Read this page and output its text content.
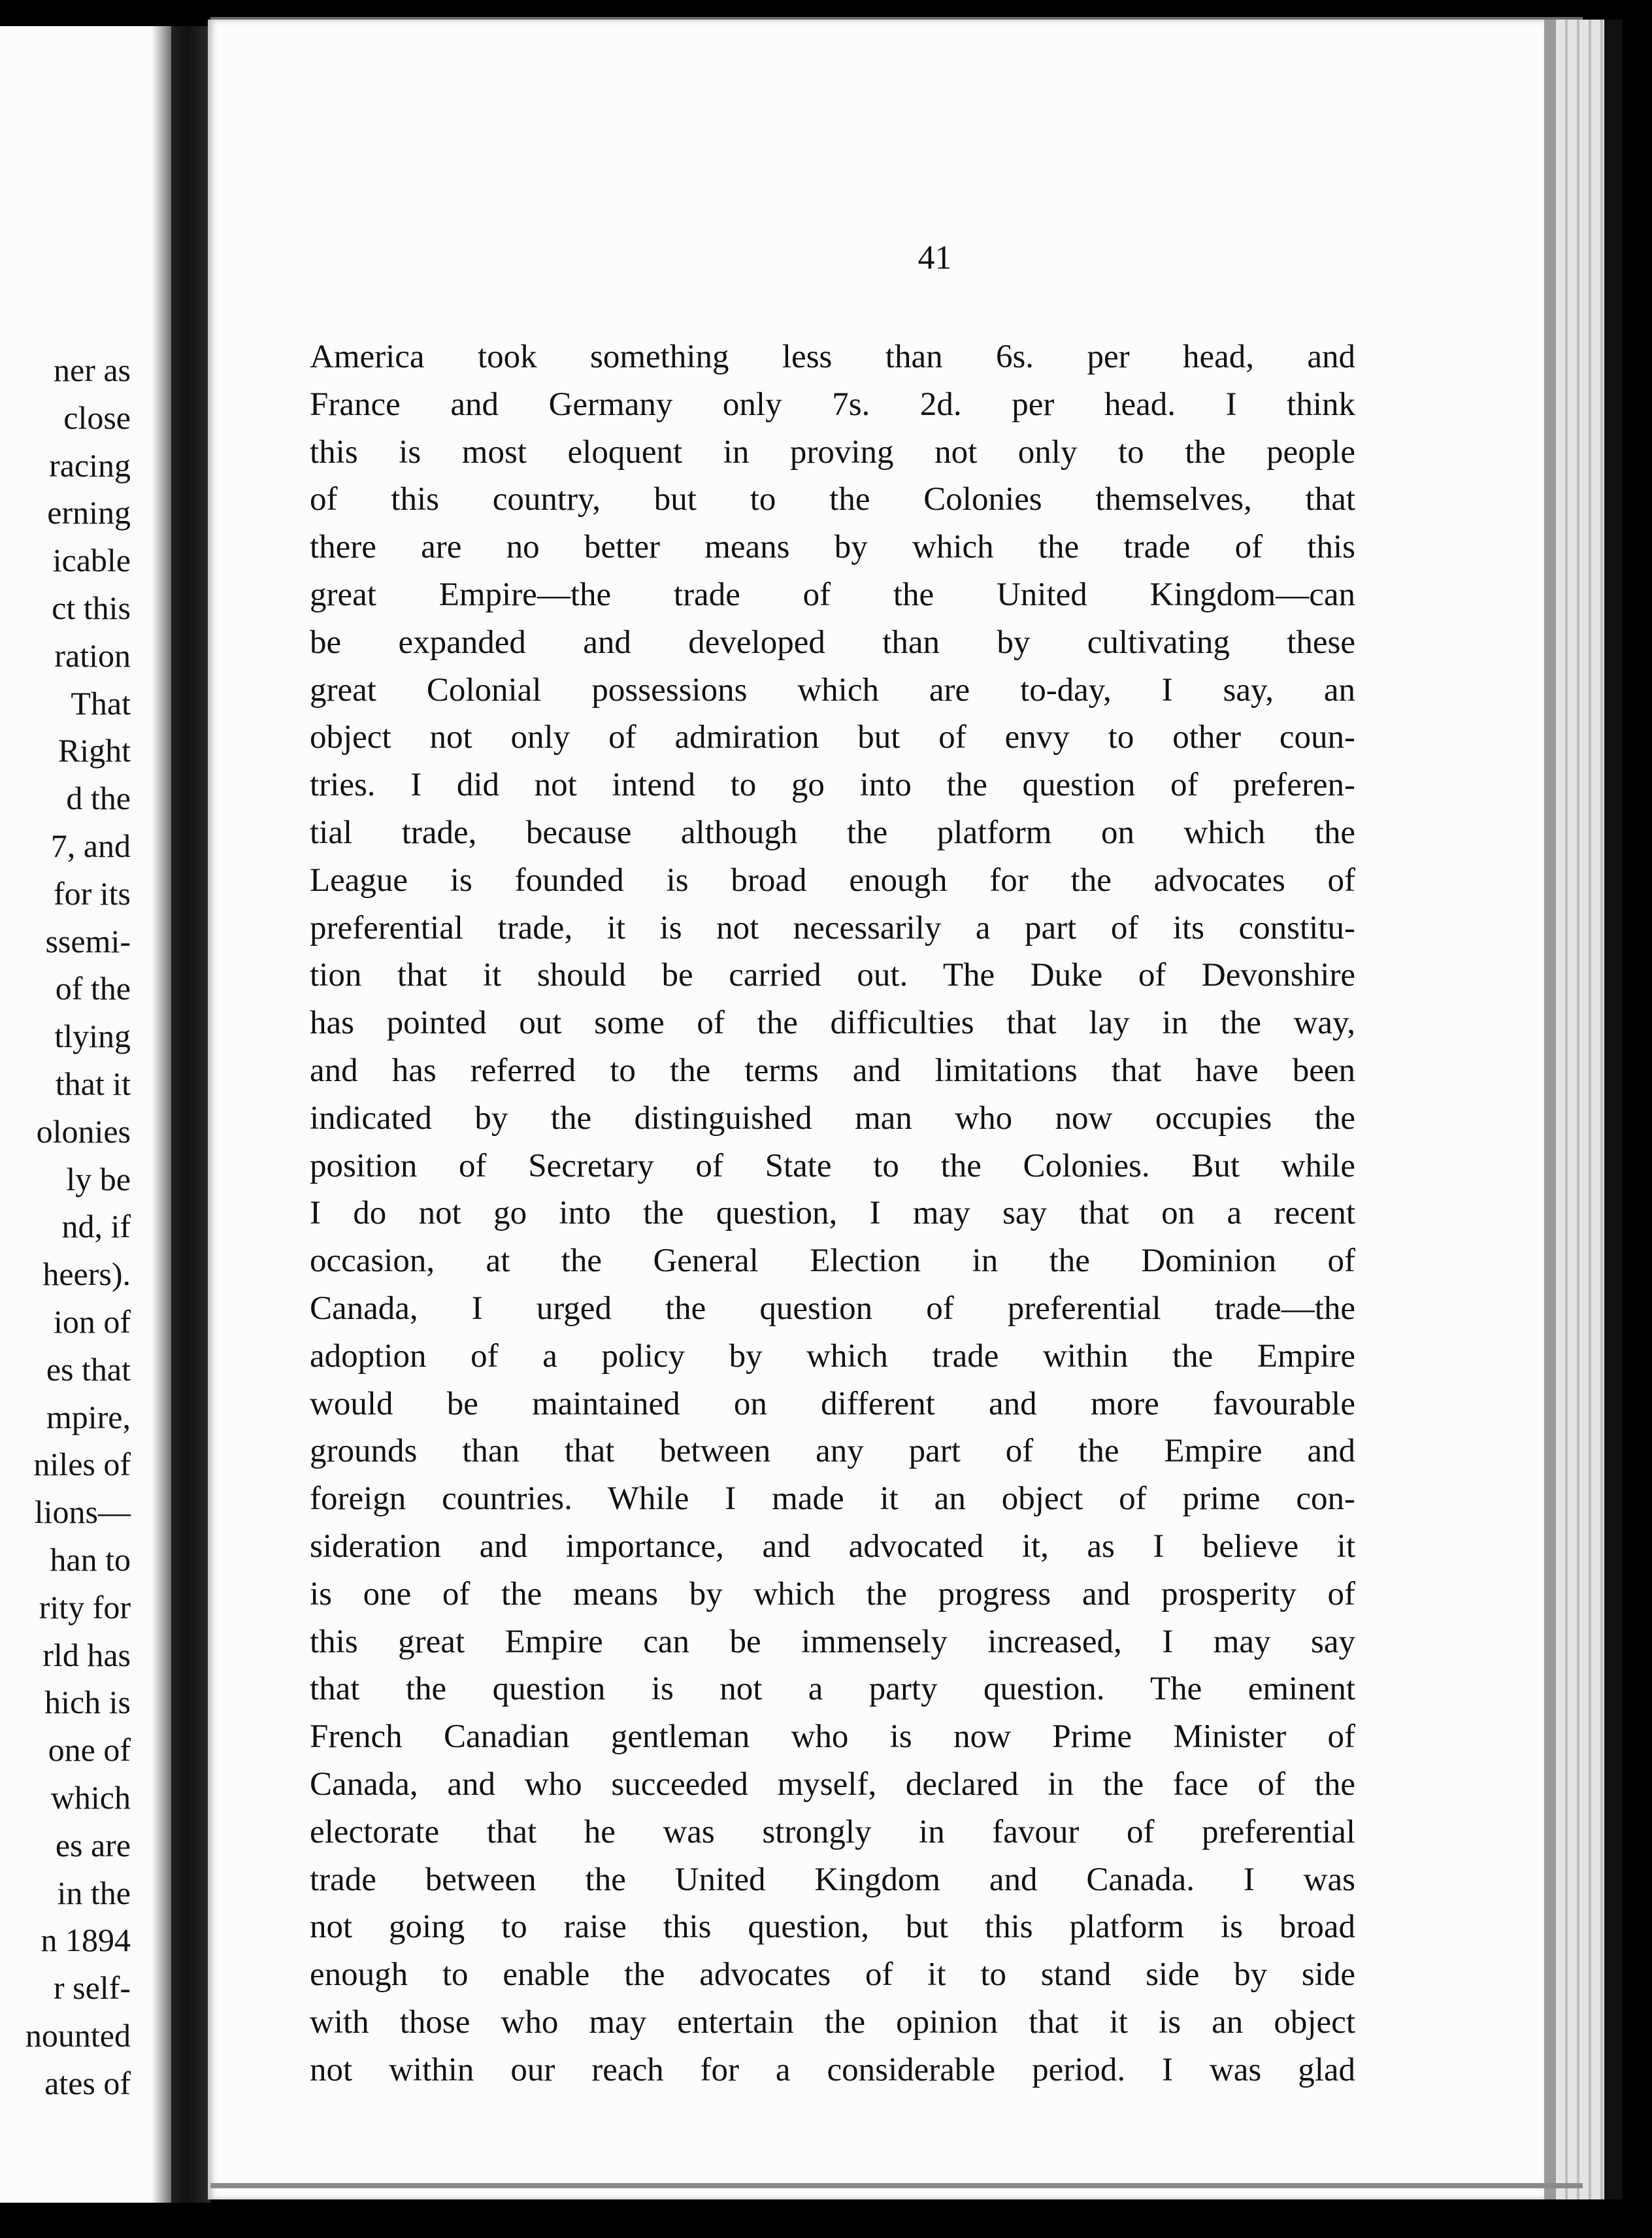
ner as
close
racing
erning
icable
ct this
ration
That
Right
d the
7, and
for its
ssemi-
of the
tlying
that it
olonies
ly be
nd, if
heers).
ion of
es that
mpire,
niles of
lions—
han to
rity for
rld has
hich is
one of
which
es are
in the
n 1894
r self-
nounted
ates of
41
America took something less than 6s. per head, and
France and Germany only 7s. 2d. per head. I think
this is most eloquent in proving not only to the people
of this country, but to the Colonies themselves, that
there are no better means by which the trade of this
great Empire—the trade of the United Kingdom—can
be expanded and developed than by cultivating these
great Colonial possessions which are to-day, I say, an
object not only of admiration but of envy to other coun-
tries. I did not intend to go into the question of preferen-
tial trade, because although the platform on which the
League is founded is broad enough for the advocates of
preferential trade, it is not necessarily a part of its constitu-
tion that it should be carried out. The Duke of Devonshire
has pointed out some of the difficulties that lay in the way,
and has referred to the terms and limitations that have been
indicated by the distinguished man who now occupies the
position of Secretary of State to the Colonies. But while
I do not go into the question, I may say that on a recent
occasion, at the General Election in the Dominion of
Canada, I urged the question of preferential trade—the
adoption of a policy by which trade within the Empire
would be maintained on different and more favourable
grounds than that between any part of the Empire and
foreign countries. While I made it an object of prime con-
sideration and importance, and advocated it, as I believe it
is one of the means by which the progress and prosperity of
this great Empire can be immensely increased, I may say
that the question is not a party question. The eminent
French Canadian gentleman who is now Prime Minister of
Canada, and who succeeded myself, declared in the face of the
electorate that he was strongly in favour of preferential
trade between the United Kingdom and Canada. I was
not going to raise this question, but this platform is broad
enough to enable the advocates of it to stand side by side
with those who may entertain the opinion that it is an object
not within our reach for a considerable period. I was glad
